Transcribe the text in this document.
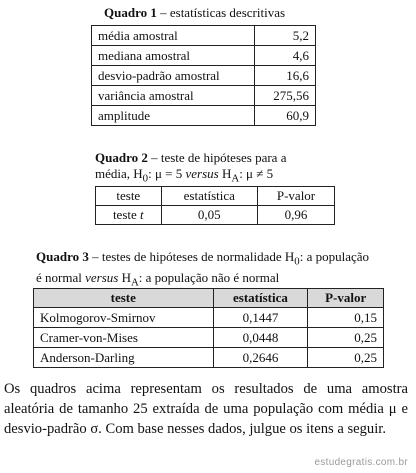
Quadro 1 – estatísticas descritivas
média amostral	5,2
mediana amostral	4,6
desvio-padrão amostral	16,6
variância amostral	275,56
amplitude	60,9
Quadro 2 – teste de hipóteses para a
média, $H_0$: μ = 5 versus $H_A$: μ ≠ 5
teste	estatística	P-valor
teste t	0,05	0,96
Quadro 3 – testes de hipóteses de normalidade $H_0$: a população
é normal versus $H_A$: a população não é normal
teste	estatística	P-valor
Kolmogorov-Smirnov	0,1447	0,15
Cramer-von-Mises	0,0448	0,25
Anderson-Darling	0,2646	0,25

Os quadros acima representam os resultados de uma amostra aleatória de tamanho 25 extraída de uma população com média μ e desvio-padrão σ. Com base nesses dados, julgue os itens a seguir.

estudegratis.com.br
